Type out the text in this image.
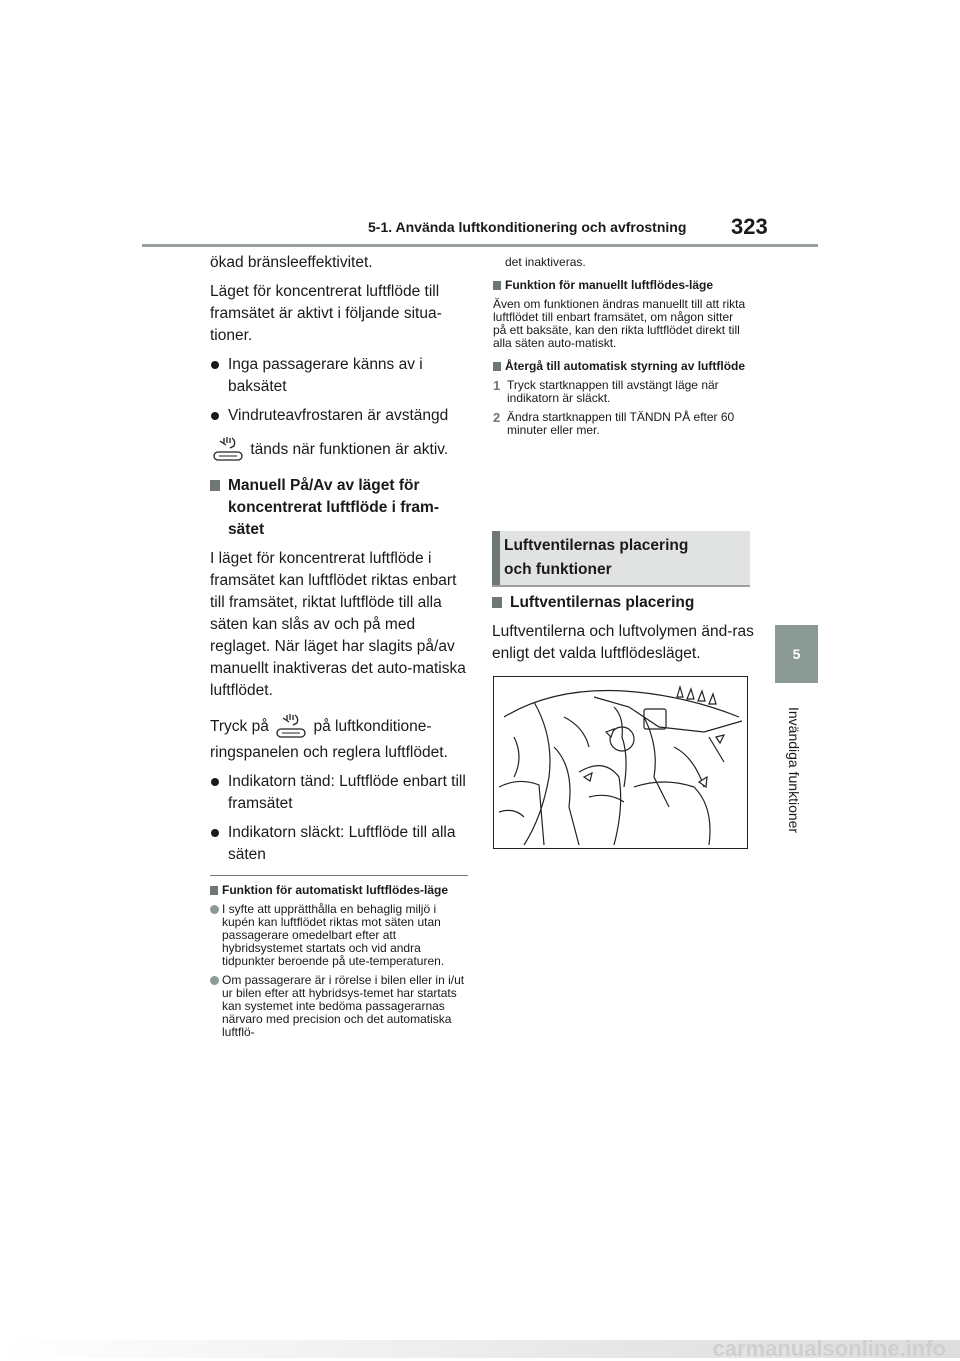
5-1. Använda luftkonditionering och avfrostning 323
5
Invändiga funktioner

ökad bränsleeffektivitet.

Läget för koncentrerat luftflöde till framsätet är aktivt i följande situa-tioner.

Inga passagerare känns av i baksätet
Vindruteavfrostaren är avstängd

tänds när funktionen är aktiv.

Manuell På/Av av läget för koncentrerat luftflöde i fram-sätet

I läget för koncentrerat luftflöde i framsätet kan luftflödet riktas enbart till framsätet, riktat luftflöde till alla säten kan slås av och på med reglaget. När läget har slagits på/av manuellt inaktiveras det auto-matiska luftflödet.

Tryck på	på luftkonditione-ringspanelen och reglera luftflödet.

Indikatorn tänd: Luftflöde enbart till framsätet
Indikatorn släckt: Luftflöde till alla säten
Funktion för automatiskt luftflödes-läge
I syfte att upprätthålla en behaglig miljö i kupén kan luftflödet riktas mot säten utan passagerare omedelbart efter att hybridsystemet startats och vid andra tidpunkter beroende på ute-temperaturen.
Om passagerare är i rörelse i bilen eller in i/ut ur bilen efter att hybridsys-temet har startats kan systemet inte bedöma passagerarnas närvaro med precision och det automatiska luftflö-

det inaktiveras.

Funktion för manuellt luftflödes-läge

Även om funktionen ändras manuellt till att rikta luftflödet till enbart framsätet, om någon sitter på ett baksäte, kan den rikta luftflödet direkt till alla säten auto-matiskt.

Återgå till automatisk styrning av luftflöde
1 Tryck startknappen till avstängt läge när indikatorn är släckt.
2 Ändra startknappen till TÄNDN PÅ efter 60 minuter eller mer.
Luftventilernas placering
och funktioner
Luftventilernas placering

Luftventilerna och luftvolymen änd-ras enligt det valda luftflödesläget.

carmanualsonline.info
